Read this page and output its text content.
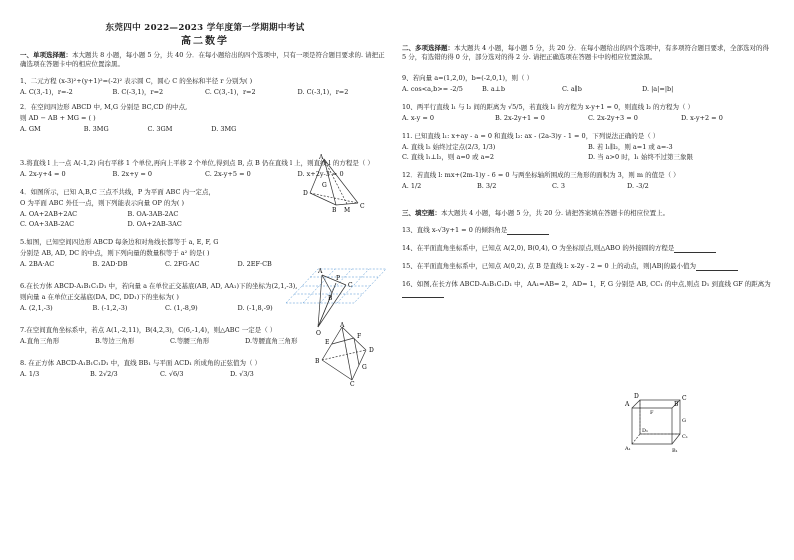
东莞四中 2022—2023 学年度第一学期期中考试
高二数学
一、单项选择题：本大题共 8 小题，每小题 5 分，共 40 分．在每小题给出的四个选项中，只有一项是符合题目要求的. 请把正确选项在答题卡中的相应位置涂黑。
1、二元方程 (x-3)²+(y+1)²=(-2)² 表示圆 C，圆心 C 的坐标和半径 r 分别为( )
A. C(3,-1)，r=-2	B. C(-3,1)，r=2	C. C(3,-1)，r=2	D. C(-3,1)，r=2
2．在空间四边形 ABCD 中, M,G 分别是 BC,CD 的中点,
则 AD − AB + MG = ( )
A. GM	B. 3MG	C. 3GM	D. 3MG
3.将直线 l 上一点 A(-1,2) 向右平移 1 个单位,再向上平移 2 个单位,得到点 B, 点 B 仍在直线 l 上，则直线 l 的方程是（ ）
A. 2x-y+4 = 0	B. 2x+y = 0	C. 2x-y+5 = 0	D. x+2y-3 = 0
4．如图所示，已知 A,B,C 三点不共线，P 为平面 ABC 内一定点，
O 为平面 ABC 外任一点，则下列能表示向量 OP 的为( )
A. OA+2AB+2AC	B. OA-3AB-2AC
C. OA+3AB-2AC	D. OA+2AB-3AC
5.如图，已知空间四边形 ABCD 每条边和对角线长都等于 a, E, F, G
分别是 AB, AD, DC 的中点，则下列向量的数量积等于 a² 的是( )
A. 2BA·AC	B. 2AD·DB	C. 2FG·AC	D. 2EF·CB
6.在长方体 ABCD-A₁B₁C₁D₁ 中，若向量 a 在单位正交基底(AB, AD, AA₁)下的坐标为(2,1,-3),
则向量 a 在单位正交基底(DA, DC, DD₁)下的坐标为( )
A. (2,1,-3)	B. (-1,2,-3)	C. (1,-8,9)	D. (-1,8,-9)
7.在空间直角坐标系中，若点 A(1,-2,11)，B(4,2,3)，C(6,-1,4)，则△ABC 一定是（ ）
A.直角三角形	B.等边三角形	C.等腰三角形	D.等腰直角三角形
8. 在正方体 ABCD-A₁B₁C₁D₁ 中，直线 BB₁ 与平面 ACD₁ 所成角的正弦值为（ ）
A. 1/3	B. 2√2/3	C. √6/3	D. √3/3
A
D
B M
C
G
O
A
B
C
P
A
E
F
B
D
C
G
二、多项选择题：本大题共 4 小题，每小题 5 分，共 20 分．在每小题给出的四个选项中，有多项符合题目要求，全部选对的得 5 分，有选错的得 0 分，部分选对的得 2 分. 请把正确选项在答题卡中的相应位置涂黑。
9、若向量 a=(1,2,0)，b=(-2,0,1)，则（ ）
A. cos<a,b>= -2/5	B. a⊥b	C. a∥b	D. |a|=|b|
10、两平行直线 l₁ 与 l₂ 间的距离为 √5/5，若直线 l₁ 的方程为 x-y+1 = 0，则直线 l₂ 的方程为（ ）
A. x-y = 0	B. 2x-2y+1 = 0	C. 2x-2y+3 = 0	D. x-y+2 = 0
11. 已知直线 l₁: x+ay - a = 0 和直线 l₂: ax - (2a-3)y - 1 = 0，下列说法正确的是（ ）
A. 直线 l₂ 始终过定点(2/3, 1/3)	B. 若 l₁∥l₂，则 a=1 或 a=-3
C. 直线 l₁⊥l₂，则 a=0 或 a=2	D. 当 a>0 时，l₁ 始终不过第三象限
12．若直线 l: mx+(2m-1)y - 6 = 0 与两坐标轴所围成的三角形的面积为 3，则 m 的值是（ ）
A. 1/2	B. 3/2	C. 3	D. -3/2
三、填空题：本大题共 4 小题，每小题 5 分，共 20 分. 请把答案填在答题卡的相应位置上。
13、直线 x-√3y+1 = 0 的倾斜角是
14、在平面直角坐标系中，已知点 A(2,0), B(0,4), O 为坐标原点,则△ABO 的外接圆的方程是
15、在平面直角坐标系中，已知点 A(0,2), 点 B 是直线 l: x-2y - 2 = 0 上的动点，则|AB|的最小值为
16、如图,在长方体 ABCD-A₁B₁C₁D₁ 中，AA₁=AB= 2，AD= 1，F, G 分别是 AB, CC₁ 的中点,则点 D₁ 到直线 GF 的距离为
D
A
C
B
D₁
A₁
C₁
B₁
F
G
